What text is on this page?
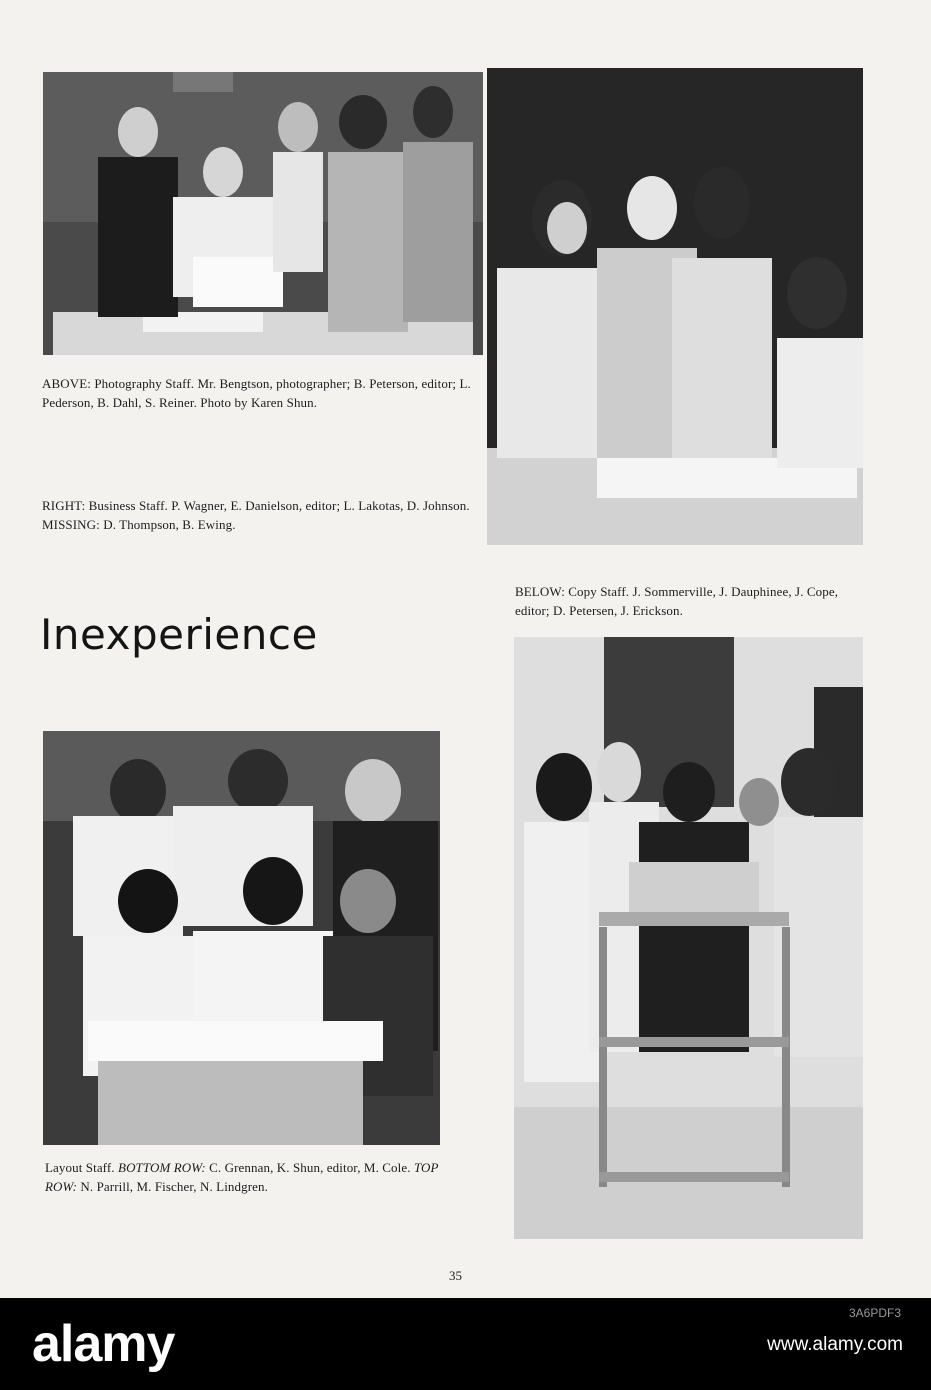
ABOVE: Photography Staff. Mr. Bengtson, photographer; B. Peterson, editor; L. Pederson, B. Dahl, S. Reiner. Photo by Karen Shun.
RIGHT: Business Staff. P. Wagner, E. Danielson, editor; L. Lakotas, D. Johnson. MISSING: D. Thompson, B. Ewing.
BELOW: Copy Staff. J. Sommerville, J. Dauphinee, J. Cope, editor; D. Petersen, J. Erickson.
Layout Staff. BOTTOM ROW: C. Grennan, K. Shun, editor, M. Cole. TOP ROW: N. Parrill, M. Fischer, N. Lindgren.
Inexperience
35
alamy
3A6PDF3
www.alamy.com
